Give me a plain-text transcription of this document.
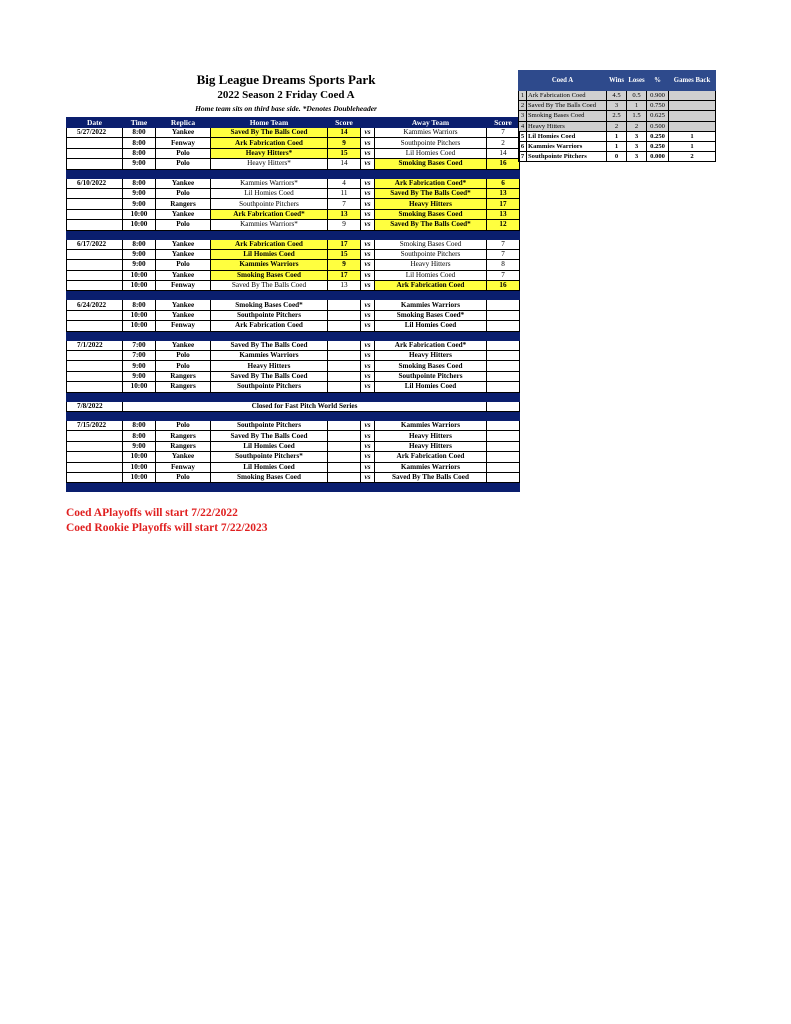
Big League Dreams Sports Park
2022 Season 2 Friday Coed A
Home team sits on third base side. *Denotes Doubleheader
Date	Time	Replica	Home Team	Score		Away Team	Score
5/27/2022	8:00	Yankee	Saved By The Balls Coed	14	vs	Kammies Warriors	7
	8:00	Fenway	Ark Fabrication Coed	9	vs	Southpointe Pitchers	2
	8:00	Polo	Heavy Hitters*	15	vs	Lil Homies Coed	14
	9:00	Polo	Heavy Hitters*	14	vs	Smoking Bases Coed	16

6/10/2022	8:00	Yankee	Kammies Warriors*	4	vs	Ark Fabrication Coed*	6
	9:00	Polo	Lil Homies Coed	11	vs	Saved By The Balls Coed*	13
	9:00	Rangers	Southpointe Pitchers	7	vs	Heavy Hitters	17
	10:00	Yankee	Ark Fabrication Coed*	13	vs	Smoking Bases Coed	13
	10:00	Polo	Kammies Warriors*	9	vs	Saved By The Balls Coed*	12

6/17/2022	8:00	Yankee	Ark Fabrication Coed	17	vs	Smoking Bases Coed	7
	9:00	Yankee	Lil Homies Coed	15	vs	Southpointe Pitchers	7
	9:00	Polo	Kammies Warriors	9	vs	Heavy Hitters	8
	10:00	Yankee	Smoking Bases Coed	17	vs	Lil Homies Coed	7
	10:00	Fenway	Saved By The Balls Coed	13	vs	Ark Fabrication Coed	16

6/24/2022	8:00	Yankee	Smoking Bases Coed*		vs	Kammies Warriors	
	10:00	Yankee	Southpointe Pitchers		vs	Smoking Bases Coed*	
	10:00	Fenway	Ark Fabrication Coed		vs	Lil Homies Coed	

7/1/2022	7:00	Yankee	Saved By The Balls Coed		vs	Ark Fabrication Coed*	
	7:00	Polo	Kammies Warriors		vs	Heavy Hitters	
	9:00	Polo	Heavy Hitters		vs	Smoking Bases Coed	
	9:00	Rangers	Saved By The Balls Coed		vs	Southpointe Pitchers	
	10:00	Rangers	Southpointe Pitchers		vs	Lil Homies Coed	

7/8/2022	Closed for Fast Pitch World Series						

7/15/2022	8:00	Polo	Southpointe Pitchers		vs	Kammies Warriors	
	8:00	Rangers	Saved By The Balls Coed		vs	Heavy Hitters	
	9:00	Rangers	Lil Homies Coed		vs	Heavy Hitters	
	10:00	Yankee	Southpointe Pitchers*		vs	Ark Fabrication Coed	
	10:00	Fenway	Lil Homies Coed		vs	Kammies Warriors	
	10:00	Polo	Smoking Bases Coed		vs	Saved By The Balls Coed	

Coed A		Wins	Loses	%	Games Back
1	Ark Fabrication Coed	4.5	0.5	0.900	
2	Saved By The Balls Coed	3	1	0.750	
3	Smoking Bases Coed	2.5	1.5	0.625	
4	Heavy Hitters	2	2	0.500	
5	Lil Homies Coed	1	3	0.250	1
6	Kammies Warriors	1	3	0.250	1
7	Southpointe Pitchers	0	3	0.000	2
Coed APlayoffs will start 7/22/2022
Coed Rookie Playoffs will start 7/22/2023
